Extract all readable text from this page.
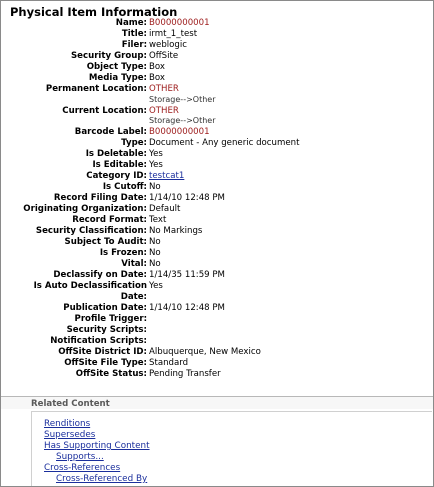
Physical Item Information
Name: B0000000001
Title: irmt_1_test
Filer: weblogic
Security Group: OffSite
Object Type: Box
Media Type: Box
Permanent Location: OTHER
Storage-->Other
Current Location: OTHER
Storage-->Other
Barcode Label: B0000000001
Type: Document - Any generic document
Is Deletable: Yes
Is Editable: Yes
Category ID: testcat1
Is Cutoff: No
Record Filing Date: 1/14/10 12:48 PM
Originating Organization: Default
Record Format: Text
Security Classification: No Markings
Subject To Audit: No
Is Frozen: No
Vital: No
Declassify on Date: 1/14/35 11:59 PM
Is Auto Declassification
Date:
Yes
Publication Date: 1/14/10 12:48 PM
Profile Trigger:
Security Scripts:
Notification Scripts:
OffSite District ID: Albuquerque, New Mexico
OffSite File Type: Standard
OffSite Status: Pending Transfer
Related Content
Renditions
Supersedes
Has Supporting Content
Supports...
Cross-References
Cross-Referenced By
